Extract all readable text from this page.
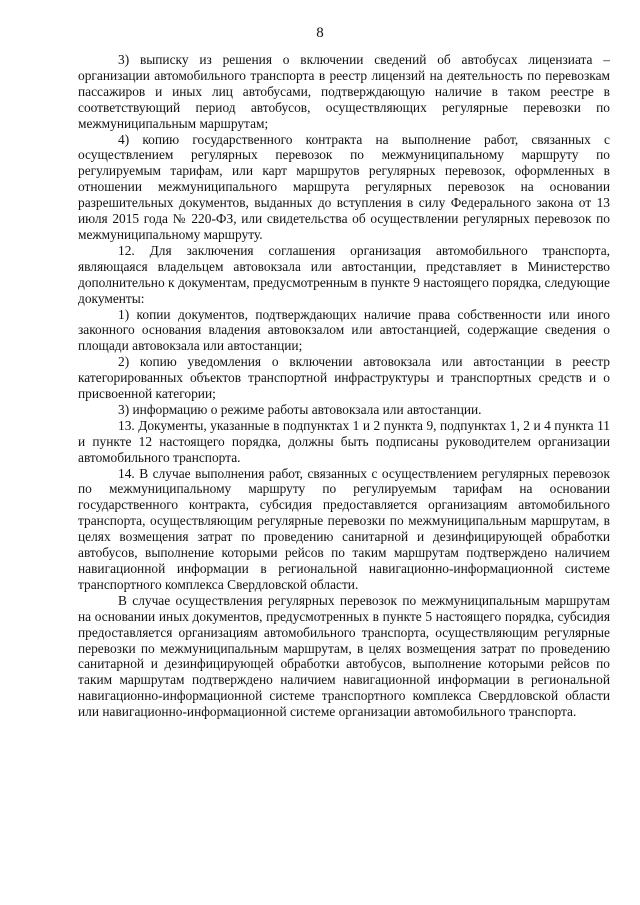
8

3) выписку из решения о включении сведений об автобусах лицензиата – организации автомобильного транспорта в реестр лицензий на деятельность по перевозкам пассажиров и иных лиц автобусами, подтверждающую наличие в таком реестре в соответствующий период автобусов, осуществляющих регулярные перевозки по межмуниципальным маршрутам;

4) копию государственного контракта на выполнение работ, связанных с осуществлением регулярных перевозок по межмуниципальному маршруту по регулируемым тарифам, или карт маршрутов регулярных перевозок, оформленных в отношении межмуниципального маршрута регулярных перевозок на основании разрешительных документов, выданных до вступления в силу Федерального закона от 13 июля 2015 года № 220-ФЗ, или свидетельства об осуществлении регулярных перевозок по межмуниципальному маршруту.

12. Для заключения соглашения организация автомобильного транспорта, являющаяся владельцем автовокзала или автостанции, представляет в Министерство дополнительно к документам, предусмотренным в пункте 9 настоящего порядка, следующие документы:

1) копии документов, подтверждающих наличие права собственности или иного законного основания владения автовокзалом или автостанцией, содержащие сведения о площади автовокзала или автостанции;

2) копию уведомления о включении автовокзала или автостанции в реестр категорированных объектов транспортной инфраструктуры и транспортных средств и о присвоенной категории;

3) информацию о режиме работы автовокзала или автостанции.

13. Документы, указанные в подпунктах 1 и 2 пункта 9, подпунктах 1, 2 и 4 пункта 11 и пункте 12 настоящего порядка, должны быть подписаны руководителем организации автомобильного транспорта.

14. В случае выполнения работ, связанных с осуществлением регулярных перевозок по межмуниципальному маршруту по регулируемым тарифам на основании государственного контракта, субсидия предоставляется организациям автомобильного транспорта, осуществляющим регулярные перевозки по межмуниципальным маршрутам, в целях возмещения затрат по проведению санитарной и дезинфицирующей обработки автобусов, выполнение которыми рейсов по таким маршрутам подтверждено наличием навигационной информации в региональной навигационно-информационной системе транспортного комплекса Свердловской области.

В случае осуществления регулярных перевозок по межмуниципальным маршрутам на основании иных документов, предусмотренных в пункте 5 настоящего порядка, субсидия предоставляется организациям автомобильного транспорта, осуществляющим регулярные перевозки по межмуниципальным маршрутам, в целях возмещения затрат по проведению санитарной и дезинфицирующей обработки автобусов, выполнение которыми рейсов по таким маршрутам подтверждено наличием навигационной информации в региональной навигационно-информационной системе транспортного комплекса Свердловской области или навигационно-информационной системе организации автомобильного транспорта.
